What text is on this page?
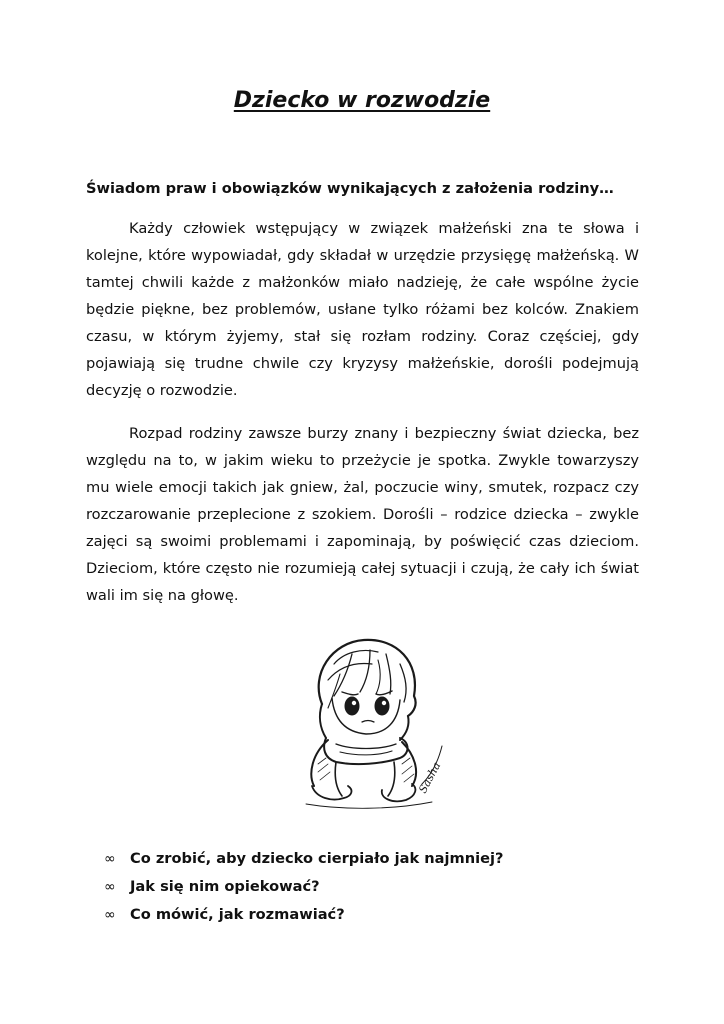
Dziecko w rozwodzie
Świadom praw i obowiązków wynikających z założenia rodziny…

Każdy człowiek wstępujący w związek małżeński zna te słowa i kolejne, które wypowiadał, gdy składał w urzędzie przysięgę małżeńską. W tamtej chwili każde z małżonków miało nadzieję, że całe wspólne życie będzie piękne, bez problemów, usłane tylko różami bez kolców. Znakiem czasu, w którym żyjemy, stał się rozłam rodziny. Coraz częściej, gdy pojawiają się trudne chwile czy kryzysy małżeńskie, dorośli podejmują decyzję o rozwodzie.

Rozpad rodziny zawsze burzy znany i bezpieczny świat dziecka, bez względu na to, w jakim wieku to przeżycie je spotka. Zwykle towarzyszy mu wiele emocji takich jak gniew, żal, poczucie winy, smutek, rozpacz czy rozczarowanie przeplecione z szokiem. Dorośli – rodzice dziecka – zwykle zajęci są swoimi problemami i zapominają, by poświęcić czas dzieciom. Dzieciom, które często nie rozumieją całej sytuacji i czują, że cały ich świat wali im się na głowę.

Sasha
∞ Co zrobić, aby dziecko cierpiało jak najmniej?
∞ Jak się nim opiekować?
∞ Co mówić, jak rozmawiać?
